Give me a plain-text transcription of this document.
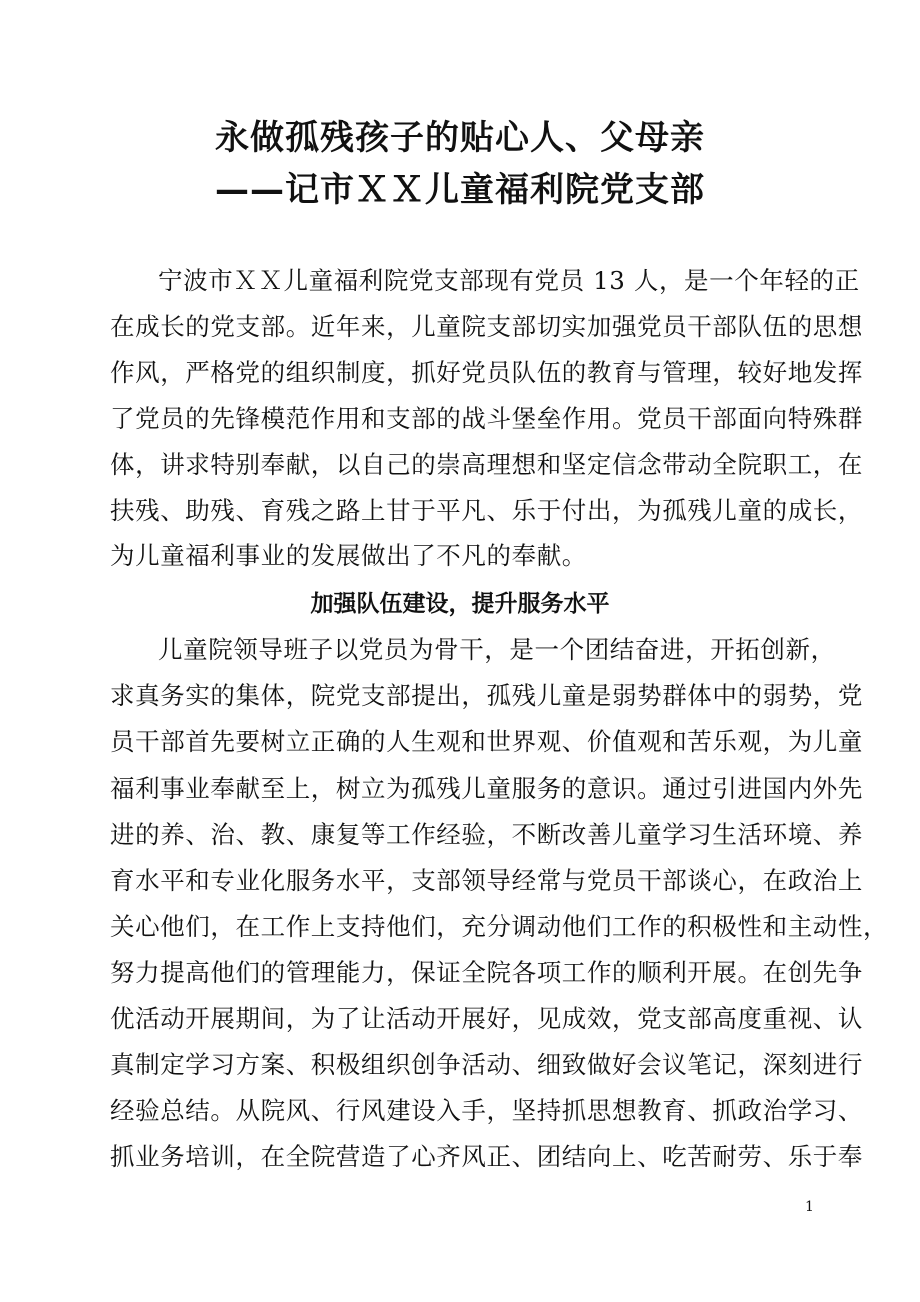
永做孤残孩子的贴心人、父母亲
——记市ＸＸ儿童福利院党支部
宁波市ＸＸ儿童福利院党支部现有党员 13 人，是一个年轻的正
在成长的党支部。近年来，儿童院支部切实加强党员干部队伍的思想
作风，严格党的组织制度，抓好党员队伍的教育与管理，较好地发挥
了党员的先锋模范作用和支部的战斗堡垒作用。党员干部面向特殊群
体，讲求特别奉献，以自己的崇高理想和坚定信念带动全院职工，在
扶残、助残、育残之路上甘于平凡、乐于付出，为孤残儿童的成长，
为儿童福利事业的发展做出了不凡的奉献。
加强队伍建设，提升服务水平
儿童院领导班子以党员为骨干，是一个团结奋进，开拓创新，
求真务实的集体，院党支部提出，孤残儿童是弱势群体中的弱势，党
员干部首先要树立正确的人生观和世界观、价值观和苦乐观，为儿童
福利事业奉献至上，树立为孤残儿童服务的意识。通过引进国内外先
进的养、治、教、康复等工作经验，不断改善儿童学习生活环境、养
育水平和专业化服务水平，支部领导经常与党员干部谈心，在政治上
关心他们，在工作上支持他们，充分调动他们工作的积极性和主动性，
努力提高他们的管理能力，保证全院各项工作的顺利开展。在创先争
优活动开展期间，为了让活动开展好，见成效，党支部高度重视、认
真制定学习方案、积极组织创争活动、细致做好会议笔记，深刻进行
经验总结。从院风、行风建设入手，坚持抓思想教育、抓政治学习、
抓业务培训，在全院营造了心齐风正、团结向上、吃苦耐劳、乐于奉
1
